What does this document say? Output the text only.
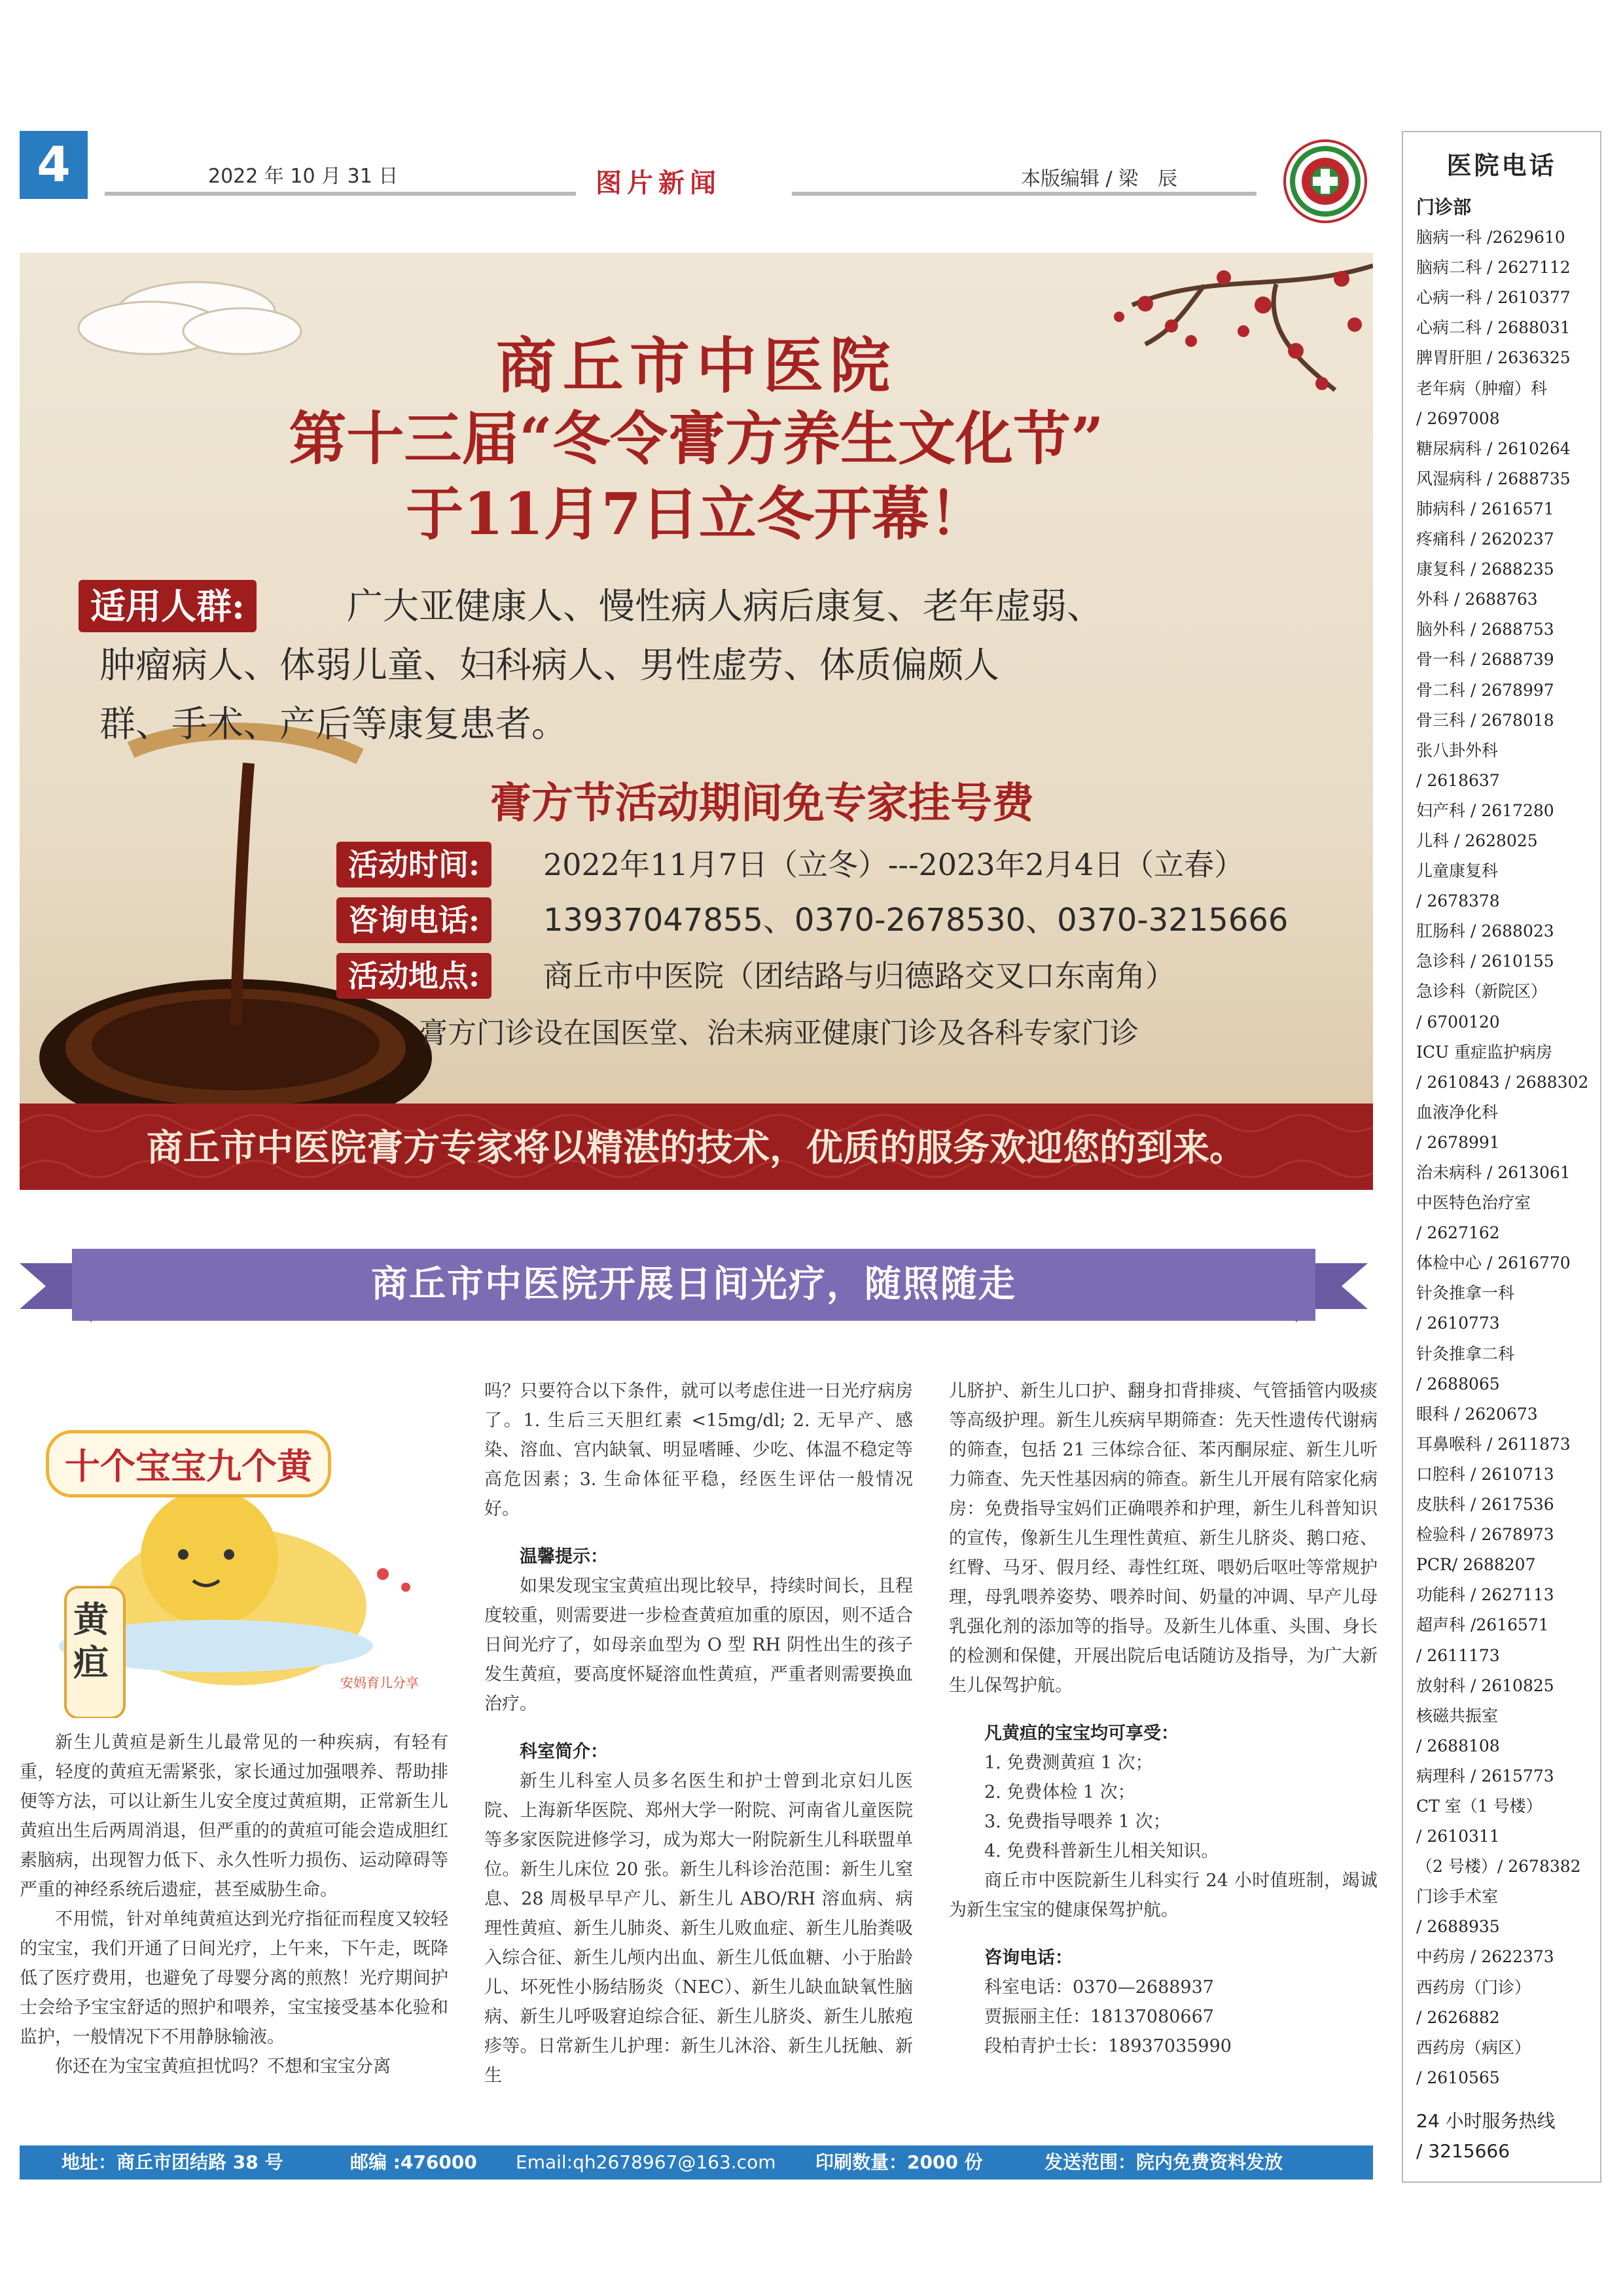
4	2022 年 10 月 31 日	图片新闻	本版编辑 / 梁　辰
商丘市中医院
第十三届“冬令膏方养生文化节”
于11月7日立冬开幕！
适用人群:	广大亚健康人、慢性病人病后康复、老年虚弱、
肿瘤病人、体弱儿童、妇科病人、男性虚劳、体质偏颇人
群、手术、产后等康复患者。
膏方节活动期间免专家挂号费
活动时间:	2022年11月7日（立冬）---2023年2月4日（立春）
咨询电话:	13937047855、0370-2678530、0370-3215666
活动地点:	商丘市中医院（团结路与归德路交叉口东南角）
膏方门诊设在国医堂、治未病亚健康门诊及各科专家门诊
商丘市中医院膏方专家将以精湛的技术，优质的服务欢迎您的到来。
商丘市中医院开展日间光疗，随照随走
十个宝宝九个黄
黄疸	安妈育儿分享

新生儿黄疸是新生儿最常见的一种疾病，有轻有重，轻度的黄疸无需紧张，家长通过加强喂养、帮助排便等方法，可以让新生儿安全度过黄疸期，正常新生儿黄疸出生后两周消退，但严重的的黄疸可能会造成胆红素脑病，出现智力低下、永久性听力损伤、运动障碍等严重的神经系统后遗症，甚至威胁生命。

不用慌，针对单纯黄疸达到光疗指征而程度又较轻的宝宝，我们开通了日间光疗，上午来，下午走，既降低了医疗费用，也避免了母婴分离的煎熬！光疗期间护士会给予宝宝舒适的照护和喂养，宝宝接受基本化验和监护，一般情况下不用静脉输液。

你还在为宝宝黄疸担忧吗？不想和宝宝分离

吗？只要符合以下条件，就可以考虑住进一日光疗病房了。1. 生后三天胆红素 <15mg/dl; 2. 无早产、感染、溶血、宫内缺氧、明显嗜睡、少吃、体温不稳定等高危因素；3. 生命体征平稳，经医生评估一般情况好。

温馨提示：

如果发现宝宝黄疸出现比较早，持续时间长，且程度较重，则需要进一步检查黄疸加重的原因，则不适合日间光疗了，如母亲血型为 O 型 RH 阴性出生的孩子发生黄疸，要高度怀疑溶血性黄疸，严重者则需要换血治疗。

科室简介：

新生儿科室人员多名医生和护士曾到北京妇儿医院、上海新华医院、郑州大学一附院、河南省儿童医院等多家医院进修学习，成为郑大一附院新生儿科联盟单位。新生儿床位 20 张。新生儿科诊治范围：新生儿窒息、28 周极早早产儿、新生儿 ABO/RH 溶血病、病理性黄疸、新生儿肺炎、新生儿败血症、新生儿胎粪吸入综合征、新生儿颅内出血、新生儿低血糖、小于胎龄儿、坏死性小肠结肠炎（NEC）、新生儿缺血缺氧性脑病、新生儿呼吸窘迫综合征、新生儿脐炎、新生儿脓疱疹等。日常新生儿护理：新生儿沐浴、新生儿抚触、新生

儿脐护、新生儿口护、翻身扣背排痰、气管插管内吸痰等高级护理。新生儿疾病早期筛查：先天性遗传代谢病的筛查，包括 21 三体综合征、苯丙酮尿症、新生儿听力筛查、先天性基因病的筛查。新生儿开展有陪家化病房：免费指导宝妈们正确喂养和护理，新生儿科普知识的宣传，像新生儿生理性黄疸、新生儿脐炎、鹅口疮、红臀、马牙、假月经、毒性红斑、喂奶后呕吐等常规护理，母乳喂养姿势、喂养时间、奶量的冲调、早产儿母乳强化剂的添加等的指导。及新生儿体重、头围、身长的检测和保健，开展出院后电话随访及指导，为广大新生儿保驾护航。

凡黄疸的宝宝均可享受：
1. 免费测黄疸 1 次；
2. 免费体检 1 次；
3. 免费指导喂养 1 次；
4. 免费科普新生儿相关知识。

商丘市中医院新生儿科实行 24 小时值班制，竭诚为新生宝宝的健康保驾护航。

咨询电话：
科室电话：0370—2688937
贾振丽主任：18137080667
段柏青护士长：18937035990
医院电话
门诊部
脑病一科 /2629610
脑病二科 / 2627112
心病一科 / 2610377
心病二科 / 2688031
脾胃肝胆 / 2636325
老年病（肿瘤）科
/ 2697008
糖尿病科 / 2610264
风湿病科 / 2688735
肺病科 / 2616571
疼痛科 / 2620237
康复科 / 2688235
外科 / 2688763
脑外科 / 2688753
骨一科 / 2688739
骨二科 / 2678997
骨三科 / 2678018
张八卦外科
/ 2618637
妇产科 / 2617280
儿科 / 2628025
儿童康复科
/ 2678378
肛肠科 / 2688023
急诊科 / 2610155
急诊科（新院区）
/ 6700120
ICU 重症监护病房
/ 2610843 / 2688302
血液净化科
/ 2678991
治未病科 / 2613061
中医特色治疗室
/ 2627162
体检中心 / 2616770
针灸推拿一科
/ 2610773
针灸推拿二科
/ 2688065
眼科 / 2620673
耳鼻喉科 / 2611873
口腔科 / 2610713
皮肤科 / 2617536
检验科 / 2678973
PCR/ 2688207
功能科 / 2627113
超声科 /2616571
/ 2611173
放射科 / 2610825
核磁共振室
/ 2688108
病理科 / 2615773
CT 室（1 号楼）
/ 2610311
（2 号楼）/ 2678382
门诊手术室
/ 2688935
中药房 / 2622373
西药房（门诊）
/ 2626882
西药房（病区）
/ 2610565
24 小时服务热线
/ 3215666
地址：商丘市团结路 38 号	邮编 :476000 Email:qh2678967@163.com 印刷数量：2000 份	发送范围：院内免费资料发放
